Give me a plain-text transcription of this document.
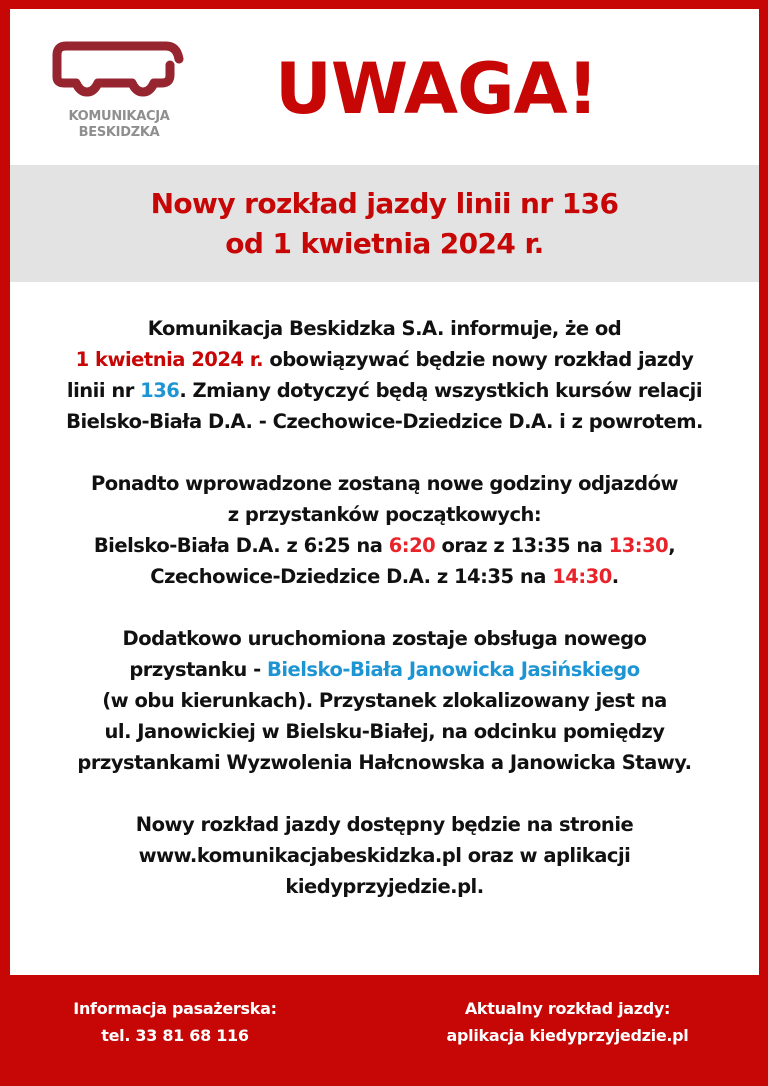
KOMUNIKACJA
BESKIDZKA
UWAGA!
Nowy rozkład jazdy linii nr 136
od 1 kwietnia 2024 r.
Komunikacja Beskidzka S.A. informuje, że od
1 kwietnia 2024 r. obowiązywać będzie nowy rozkład jazdy
linii nr 136. Zmiany dotyczyć będą wszystkich kursów relacji
Bielsko-Biała D.A. - Czechowice-Dziedzice D.A. i z powrotem.
Ponadto wprowadzone zostaną nowe godziny odjazdów
z przystanków początkowych:
Bielsko-Biała D.A. z 6:25 na 6:20 oraz z 13:35 na 13:30,
Czechowice-Dziedzice D.A. z 14:35 na 14:30.
Dodatkowo uruchomiona zostaje obsługa nowego
przystanku - Bielsko-Biała Janowicka Jasińskiego
(w obu kierunkach). Przystanek zlokalizowany jest na
ul. Janowickiej w Bielsku-Białej, na odcinku pomiędzy
przystankami Wyzwolenia Hałcnowska a Janowicka Stawy.
Nowy rozkład jazdy dostępny będzie na stronie
www.komunikacjabeskidzka.pl oraz w aplikacji
kiedyprzyjedzie.pl.
Informacja pasażerska:
tel. 33 81 68 116
Aktualny rozkład jazdy:
aplikacja kiedyprzyjedzie.pl
